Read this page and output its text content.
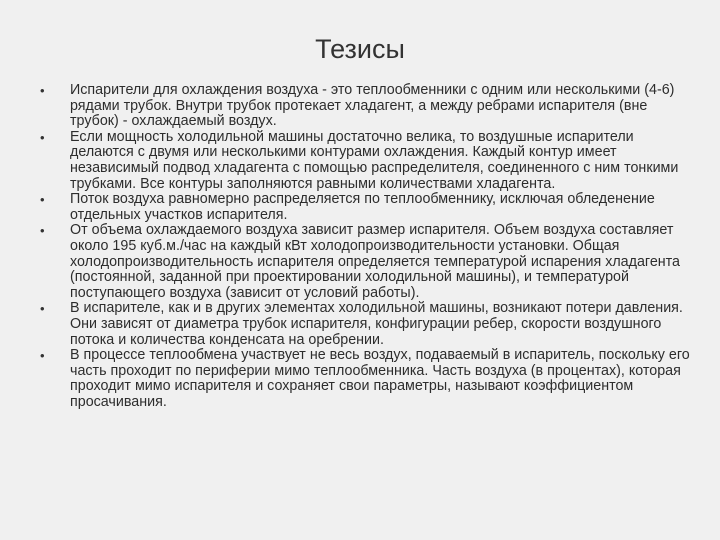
Тезисы
• Испарители для охлаждения воздуха - это теплообменники с одним или несколькими (4-6) рядами трубок. Внутри трубок протекает хладагент, а между ребрами испарителя (вне трубок) - охлаждаемый воздух.
• Если мощность холодильной машины достаточно велика, то воздушные испарители делаются с двумя или несколькими контурами охлаждения. Каждый контур имеет независимый подвод хладагента с помощью распределителя, соединенного с ним тонкими трубками. Все контуры заполняются равными количествами хладагента.
• Поток воздуха равномерно распределяется по теплообменнику, исключая обледенение отдельных участков испарителя.
• От объема охлаждаемого воздуха зависит размер испарителя. Объем воздуха составляет около 195 куб.м./час на каждый кВт холодопроизводительности установки. Общая холодопроизводительность испарителя определяется температурой испарения хладагента (постоянной, заданной при проектировании холодильной машины), и температурой поступающего воздуха (зависит от условий работы).
• В испарителе, как и в других элементах холодильной машины, возникают потери давления. Они зависят от диаметра трубок испарителя, конфигурации ребер, скорости воздушного потока и количества конденсата на оребрении.
• В процессе теплообмена участвует не весь воздух, подаваемый в испаритель, поскольку его часть проходит по периферии мимо теплообменника. Часть воздуха (в процентах), которая проходит мимо испарителя и сохраняет свои параметры, называют коэффициентом просачивания.
